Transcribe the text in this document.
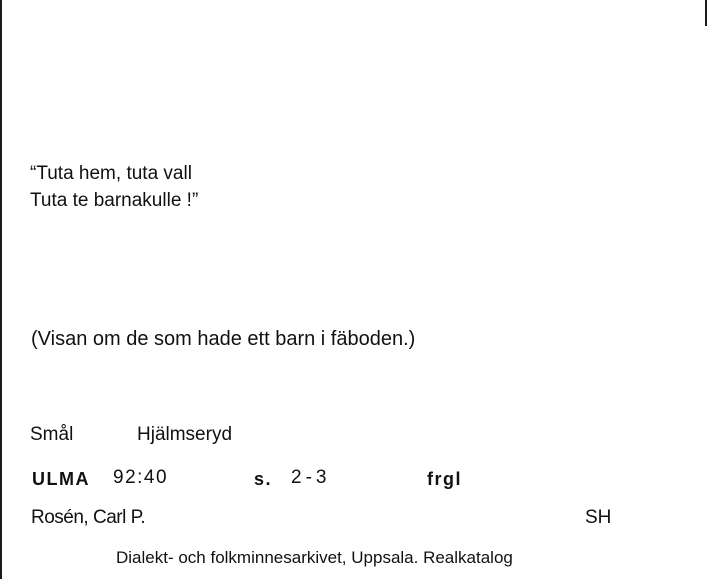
“Tuta hem, tuta vall
Tuta te barnakulle !”
(Visan om de som hade ett barn i fäboden.)
Smål	Hjälmseryd
ULMA 92:40	s. 2-3	frgl
Rosén, Carl P.	SH
Dialekt- och folkminnesarkivet, Uppsala. Realkatalog
